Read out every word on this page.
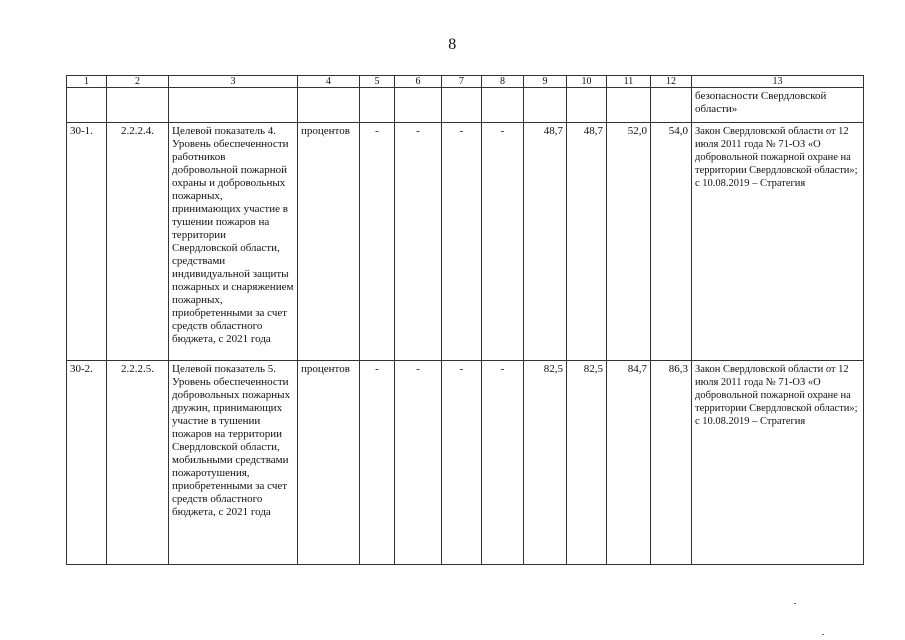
8
1	2	3	4	5	6	7	8	9	10	11	12	13
												безопасности Свердловской области»
30-1.	2.2.2.4.	Целевой показатель 4. Уровень обеспеченности работников добровольной пожарной охраны и добровольных пожарных, принимающих участие в тушении пожаров на территории Свердловской области, средствами индивидуальной защиты пожарных и снаряжением пожарных, приобретенными за счет средств областного бюджета, с 2021 года	процентов	-	-	-	-	48,7	48,7	52,0	54,0	Закон Свердловской области от 12 июля 2011 года № 71-ОЗ «О добровольной пожарной охране на территории Свердловской области»; с 10.08.2019 – Стратегия
30-2.	2.2.2.5.	Целевой показатель 5. Уровень обеспеченности добровольных пожарных дружин, принимающих участие в тушении пожаров на территории Свердловской области, мобильными средствами пожаротушения, приобретенными за счет средств областного бюджета, с 2021 года	процентов	-	-	-	-	82,5	82,5	84,7	86,3	Закон Свердловской области от 12 июля 2011 года № 71-ОЗ «О добровольной пожарной охране на территории Свердловской области»; с 10.08.2019 – Стратегия
